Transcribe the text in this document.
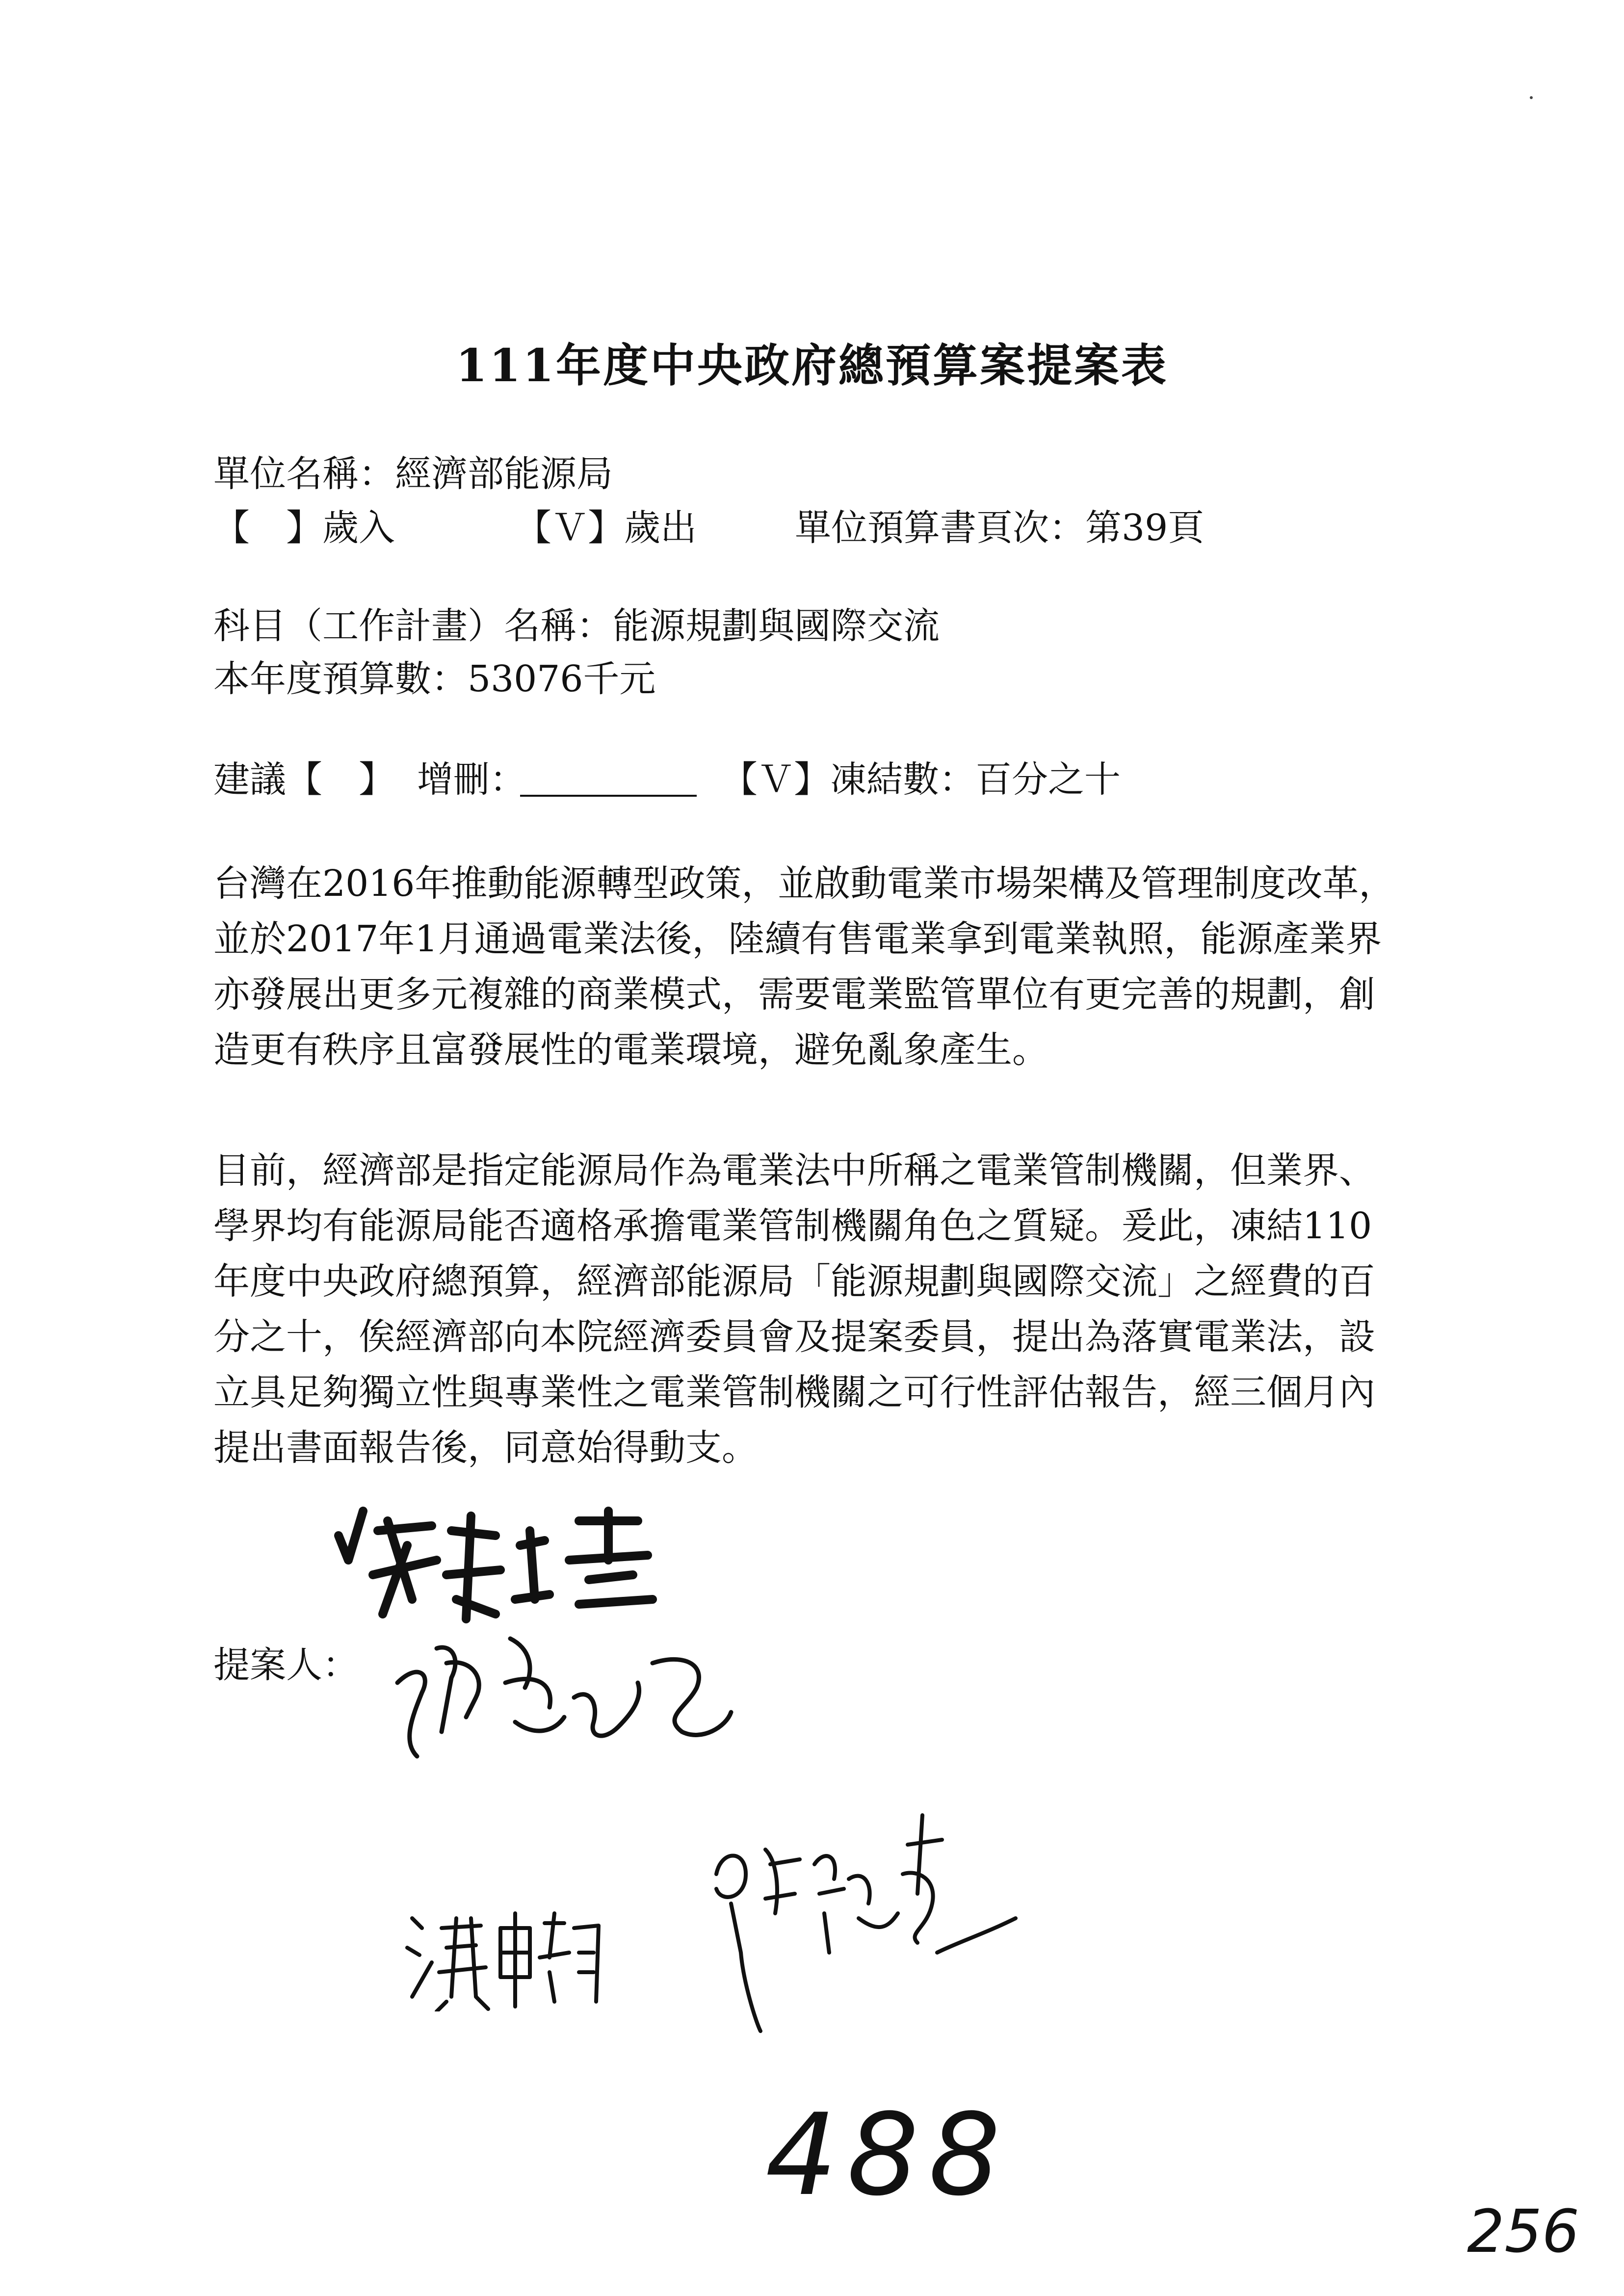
111年度中央政府總預算案提案表
單位名稱：經濟部能源局
【　】歲入	【Ｖ】歲出	單位預算書頁次：第39頁
科目（工作計畫）名稱：能源規劃與國際交流
本年度預算數：53076千元
建議【　】 增刪：	【Ｖ】凍結數：百分之十
台灣在2016年推動能源轉型政策，並啟動電業市場架構及管理制度改革，
並於2017年1月通過電業法後，陸續有售電業拿到電業執照，能源產業界
亦發展出更多元複雜的商業模式，需要電業監管單位有更完善的規劃，創
造更有秩序且富發展性的電業環境，避免亂象產生。
目前，經濟部是指定能源局作為電業法中所稱之電業管制機關，但業界、
學界均有能源局能否適格承擔電業管制機關角色之質疑。爰此，凍結110
年度中央政府總預算，經濟部能源局「能源規劃與國際交流」之經費的百
分之十，俟經濟部向本院經濟委員會及提案委員，提出為落實電業法，設
立具足夠獨立性與專業性之電業管制機關之可行性評估報告，經三個月內
提出書面報告後，同意始得動支。
提案人：
488
256
